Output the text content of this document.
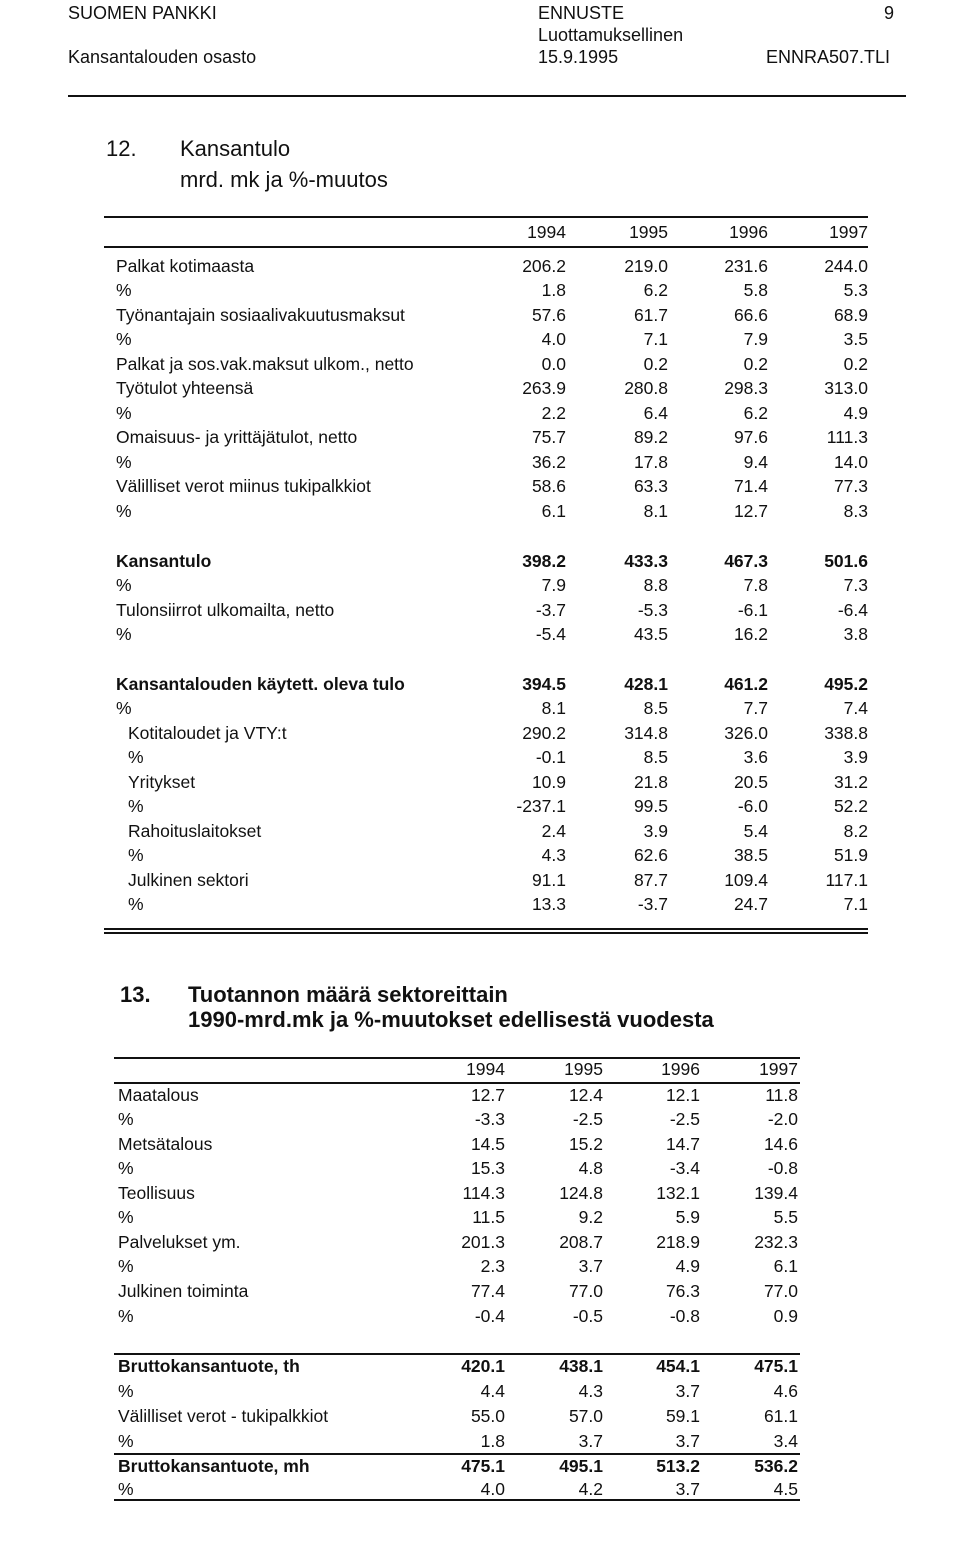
SUOMEN PANKKI
Kansantalouden osasto
ENNUSTE
Luottamuksellinen
15.9.1995
9
ENNRA507.TLI
12. Kansantulo
mrd. mk ja %-muutos
1994	1995	1996	1997
Palkat kotimaasta	206.2	219.0	231.6	244.0
%	1.8	6.2	5.8	5.3
Työnantajain sosiaalivakuutusmaksut	57.6	61.7	66.6	68.9
%	4.0	7.1	7.9	3.5
Palkat ja sos.vak.maksut ulkom., netto	0.0	0.2	0.2	0.2
Työtulot yhteensä	263.9	280.8	298.3	313.0
%	2.2	6.4	6.2	4.9
Omaisuus- ja yrittäjätulot, netto	75.7	89.2	97.6	111.3
%	36.2	17.8	9.4	14.0
Välilliset verot miinus tukipalkkiot	58.6	63.3	71.4	77.3
%	6.1	8.1	12.7	8.3
Kansantulo	398.2	433.3	467.3	501.6
%	7.9	8.8	7.8	7.3
Tulonsiirrot ulkomailta, netto	-3.7	-5.3	-6.1	-6.4
%	-5.4	43.5	16.2	3.8
Kansantalouden käytett. oleva tulo	394.5	428.1	461.2	495.2
%	8.1	8.5	7.7	7.4
Kotitaloudet ja VTY:t	290.2	314.8	326.0	338.8
%	-0.1	8.5	3.6	3.9
Yritykset	10.9	21.8	20.5	31.2
%	-237.1	99.5	-6.0	52.2
Rahoituslaitokset	2.4	3.9	5.4	8.2
%	4.3	62.6	38.5	51.9
Julkinen sektori	91.1	87.7	109.4	117.1
%	13.3	-3.7	24.7	7.1
13. Tuotannon määrä sektoreittain
1990-mrd.mk ja %-muutokset edellisestä vuodesta
1994	1995	1996	1997
Maatalous	12.7	12.4	12.1	11.8
%	-3.3	-2.5	-2.5	-2.0
Metsätalous	14.5	15.2	14.7	14.6
%	15.3	4.8	-3.4	-0.8
Teollisuus	114.3	124.8	132.1	139.4
%	11.5	9.2	5.9	5.5
Palvelukset ym.	201.3	208.7	218.9	232.3
%	2.3	3.7	4.9	6.1
Julkinen toiminta	77.4	77.0	76.3	77.0
%	-0.4	-0.5	-0.8	0.9
Bruttokansantuote, th	420.1	438.1	454.1	475.1
%	4.4	4.3	3.7	4.6
Välilliset verot - tukipalkkiot	55.0	57.0	59.1	61.1
%	1.8	3.7	3.7	3.4
Bruttokansantuote, mh	475.1	495.1	513.2	536.2
%	4.0	4.2	3.7	4.5
